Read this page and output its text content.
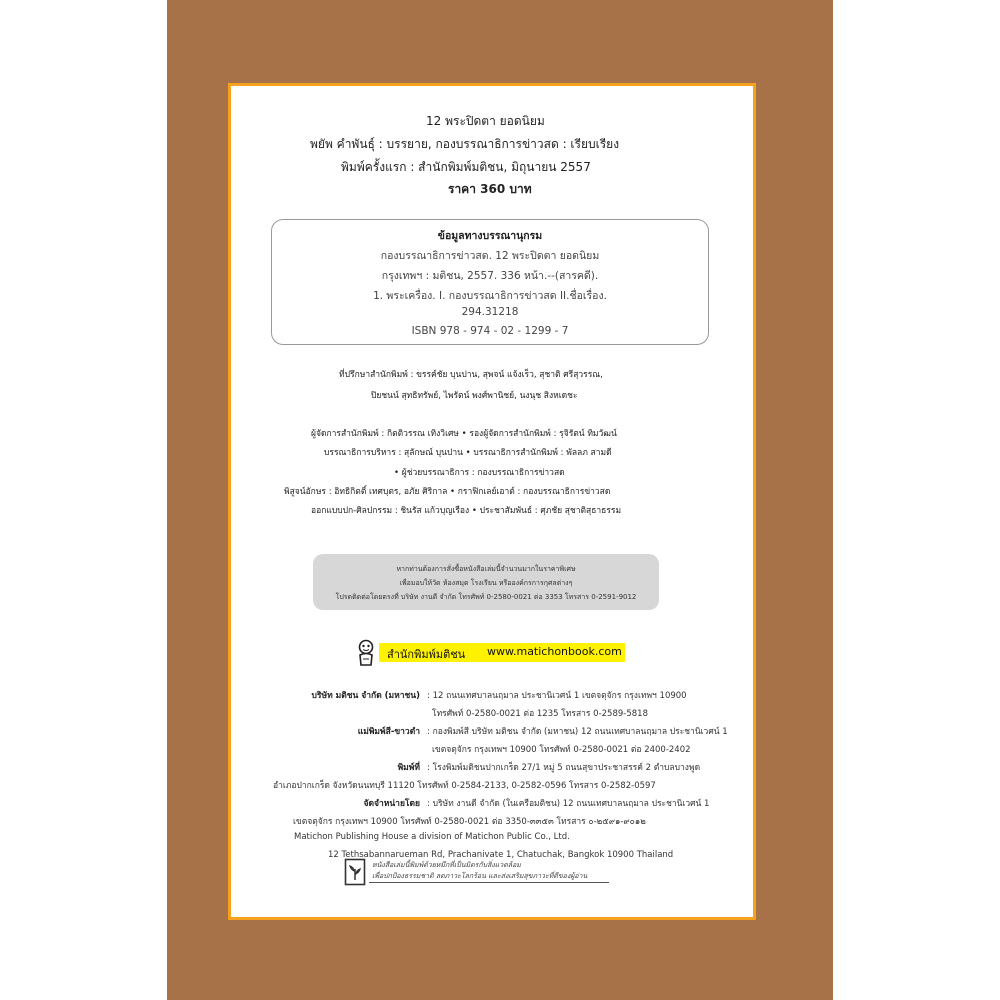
12 พระปิดตา ยอดนิยม
พยัพ คำพันธุ์ : บรรยาย, กองบรรณาธิการข่าวสด : เรียบเรียง
พิมพ์ครั้งแรก : สำนักพิมพ์มติชน, มิถุนายน 2557
ราคา 360 บาท
ข้อมูลทางบรรณานุกรม
กองบรรณาธิการข่าวสด. 12 พระปิดตา ยอดนิยม
กรุงเทพฯ : มติชน, 2557. 336 หน้า.--(สารคดี).
1. พระเครื่อง. I. กองบรรณาธิการข่าวสด II.ชื่อเรื่อง.
294.31218
ISBN 978 - 974 - 02 - 1299 - 7
ที่ปรึกษาสำนักพิมพ์ : ขรรค์ชัย บุนปาน, สุพจน์ แจ้งเร็ว, สุชาติ ศรีสุวรรณ,
ปิยชนน์ สุทธิทรัพย์, ไพรัตน์ พงศ์พานิชย์, นงนุช สิงหเดชะ
ผู้จัดการสำนักพิมพ์ : กิตติวรรณ เทิงวิเศษ • รองผู้จัดการสำนักพิมพ์ : รุจิรัตน์ ทิมวัฒน์
บรรณาธิการบริหาร : สุลักษณ์ บุนปาน • บรรณาธิการสำนักพิมพ์ : พัลลภ สามดี
• ผู้ช่วยบรรณาธิการ : กองบรรณาธิการข่าวสด
พิสูจน์อักษร : อิทธิกิตติ์ เทศบุตร, อภัย ศิริกาล • กราฟิกเลย์เอาต์ : กองบรรณาธิการข่าวสด
ออกแบบปก-ศิลปกรรม : ชินรัส แก้วบุญเรือง • ประชาสัมพันธ์ : ศุภชัย สุชาติสุธาธรรม
หากท่านต้องการสั่งซื้อหนังสือเล่มนี้จำนวนมากในราคาพิเศษ
เพื่อมอบให้วัด ห้องสมุด โรงเรียน หรือองค์กรการกุศลต่างๆ
โปรดติดต่อโดยตรงที่ บริษัท งานดี จำกัด โทรศัพท์ 0-2580-0021 ต่อ 3353 โทรสาร 0-2591-9012
สำนักพิมพ์มติชน www.matichonbook.com
บริษัท มติชน จำกัด (มหาชน) : 12 ถนนเทศบาลนฤมาล ประชานิเวศน์ 1 เขตจตุจักร กรุงเทพฯ 10900
โทรศัพท์ 0-2580-0021 ต่อ 1235 โทรสาร 0-2589-5818
แม่พิมพ์สี-ขาวดำ : กองพิมพ์สี บริษัท มติชน จำกัด (มหาชน) 12 ถนนเทศบาลนฤมาล ประชานิเวศน์ 1
เขตจตุจักร กรุงเทพฯ 10900 โทรศัพท์ 0-2580-0021 ต่อ 2400-2402
พิมพ์ที่ : โรงพิมพ์มติชนปากเกร็ด 27/1 หมู่ 5 ถนนสุขาประชาสรรค์ 2 ตำบลบางพูด
อำเภอปากเกร็ด จังหวัดนนทบุรี 11120 โทรศัพท์ 0-2584-2133, 0-2582-0596 โทรสาร 0-2582-0597
จัดจำหน่ายโดย : บริษัท งานดี จำกัด (ในเครือมติชน) 12 ถนนเทศบาลนฤมาล ประชานิเวศน์ 1
เขตจตุจักร กรุงเทพฯ 10900 โทรศัพท์ 0-2580-0021 ต่อ 3350-๓๓๕๓ โทรสาร ๐-๒๕๙๑-๙๐๑๒
Matichon Publishing House a division of Matichon Public Co., Ltd.
12 Tethsabannarueman Rd, Prachanivate 1, Chatuchak, Bangkok 10900 Thailand
หนังสือเล่มนี้พิมพ์ด้วยหมึกที่เป็นมิตรกับสิ่งแวดล้อม
เพื่อปกป้องธรรมชาติ ลดภาวะโลกร้อน และส่งเสริมสุขภาวะที่ดีของผู้อ่าน
